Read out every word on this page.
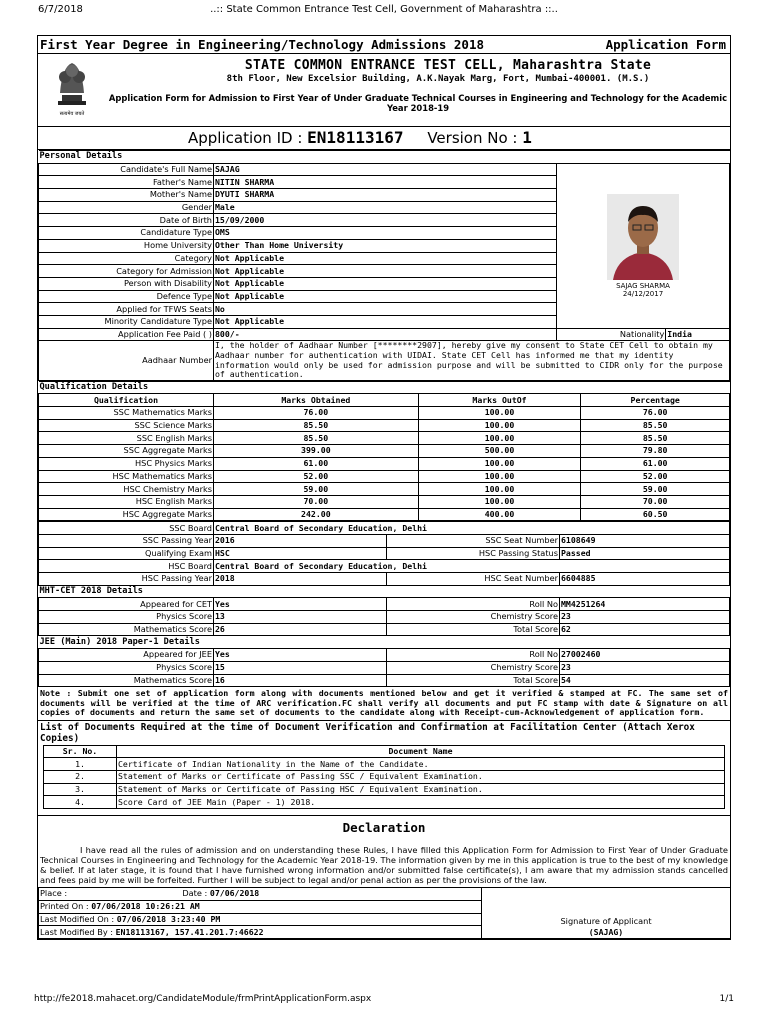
6/7/2018	..:: State Common Entrance Test Cell, Government of Maharashtra ::..
First Year Degree in Engineering/Technology Admissions 2018	Application Form
सत्यमेव जयते
STATE COMMON ENTRANCE TEST CELL, Maharashtra State
8th Floor, New Excelsior Building, A.K.Nayak Marg, Fort, Mumbai-400001. (M.S.)
Application Form for Admission to First Year of Under Graduate Technical Courses in Engineering and Technology for the Academic Year 2018-19
Application ID : EN18113167 Version No : 1
Personal Details			
Candidate's Full Name	SAJAG	SAJAG SHARMA
24/12/2017	

Father's Name	NITIN SHARMA		
Mother's Name	DYUTI SHARMA		
Gender	Male		
Date of Birth	15/09/2000		
Candidature Type	OMS		
Home University	Other Than Home University		
Category	Not Applicable		
Category for Admission	Not Applicable		
Person with Disability	Not Applicable		
Defence Type	Not Applicable		
Applied for TFWS Seats	No		
Minority Candidature Type	Not Applicable		
Application Fee Paid ( )	800/-	Nationality	India
Aadhaar Number	I, the holder of Aadhaar Number [********2907], hereby give my consent to State CET Cell to obtain my Aadhaar number for authentication with UIDAI. State CET Cell has informed me that my identity information would only be used for admission purpose and will be submitted to CIDR only for the purpose of authentication.		
Qualification Details			
Qualification	Marks Obtained	Marks OutOf	Percentage
SSC Mathematics Marks	76.00	100.00	76.00
SSC Science Marks	85.50	100.00	85.50
SSC English Marks	85.50	100.00	85.50
SSC Aggregate Marks	399.00	500.00	79.80
HSC Physics Marks	61.00	100.00	61.00
HSC Mathematics Marks	52.00	100.00	52.00
HSC Chemistry Marks	59.00	100.00	59.00
HSC English Marks	70.00	100.00	70.00
HSC Aggregate Marks	242.00	400.00	60.50
SSC Board	Central Board of Secondary Education, Delhi		
SSC Passing Year	2016	SSC Seat Number	6108649
Qualifying Exam	HSC	HSC Passing Status	Passed
HSC Board	Central Board of Secondary Education, Delhi		
HSC Passing Year	2018	HSC Seat Number	6604885
MHT-CET 2018 Details			
Appeared for CET	Yes	Roll No	MM4251264
Physics Score	13	Chemistry Score	23
Mathematics Score	26	Total Score	62
JEE (Main) 2018 Paper-1 Details			
Appeared for JEE	Yes	Roll No	27002460
Physics Score	15	Chemistry Score	23
Mathematics Score	16	Total Score	54
Note : Submit one set of application form along with documents mentioned below and get it verified & stamped at FC. The same set of documents will be verified at the time of ARC verification.FC shall verify all documents and put FC stamp with date & Signature on all copies of documents and return the same set of documents to the candidate along with Receipt-cum-Acknowledgement of application form.
List of Documents Required at the time of Document Verification and Confirmation at Facilitation Center (Attach Xerox Copies)
Sr. No.	Document Name
1.	Certificate of Indian Nationality in the Name of the Candidate.
2.	Statement of Marks or Certificate of Passing SSC / Equivalent Examination.
3.	Statement of Marks or Certificate of Passing HSC / Equivalent Examination.
4.	Score Card of JEE Main (Paper - 1) 2018.
Declaration
I have read all the rules of admission and on understanding these Rules, I have filled this Application Form for Admission to First Year of Under Graduate Technical Courses in Engineering and Technology for the Academic Year 2018-19. The information given by me in this application is true to the best of my knowledge & belief. If at later stage, it is found that I have furnished wrong information and/or submitted false certificate(s), I am aware that my admission stands cancelled and fees paid by me will be forfeited. Further I will be subject to legal and/or penal action as per the provisions of the law.
Place :	Date : 07/06/2018	
Signature of Applicant
(SAJAG)

Printed On : 07/06/2018 10:26:21 AM
Last Modified On : 07/06/2018 3:23:40 PM
Last Modified By : EN18113167, 157.41.201.7:46622
http://fe2018.mahacet.org/CandidateModule/frmPrintApplicationForm.aspx	1/1
